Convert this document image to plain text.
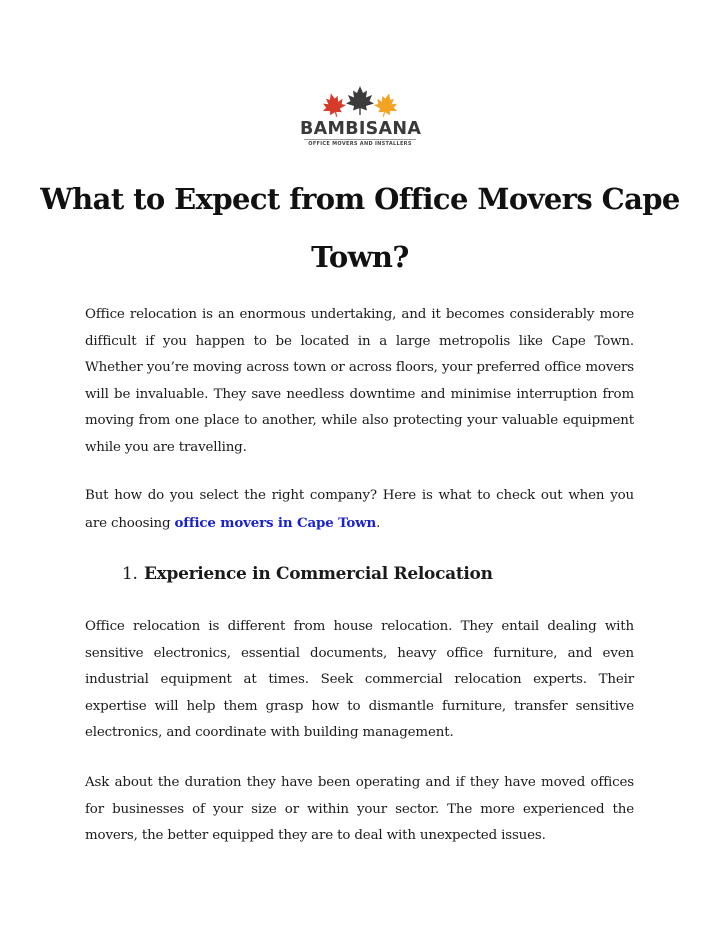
BAMBISANA
OFFICE MOVERS AND INSTALLERS
What to Expect from Office Movers Cape Town?

Office relocation is an enormous undertaking, and it becomes considerably more difficult if you happen to be located in a large metropolis like Cape Town. Whether you’re moving across town or across floors, your preferred office movers will be invaluable. They save needless downtime and minimise interruption from moving from one place to another, while also protecting your valuable equipment while you are travelling.

But how do you select the right company? Here is what to check out when you are choosing office movers in Cape Town.

1. Experience in Commercial Relocation

Office relocation is different from house relocation. They entail dealing with sensitive electronics, essential documents, heavy office furniture, and even industrial equipment at times. Seek commercial relocation experts. Their expertise will help them grasp how to dismantle furniture, transfer sensitive electronics, and coordinate with building management.

Ask about the duration they have been operating and if they have moved offices for businesses of your size or within your sector. The more experienced the movers, the better equipped they are to deal with unexpected issues.
